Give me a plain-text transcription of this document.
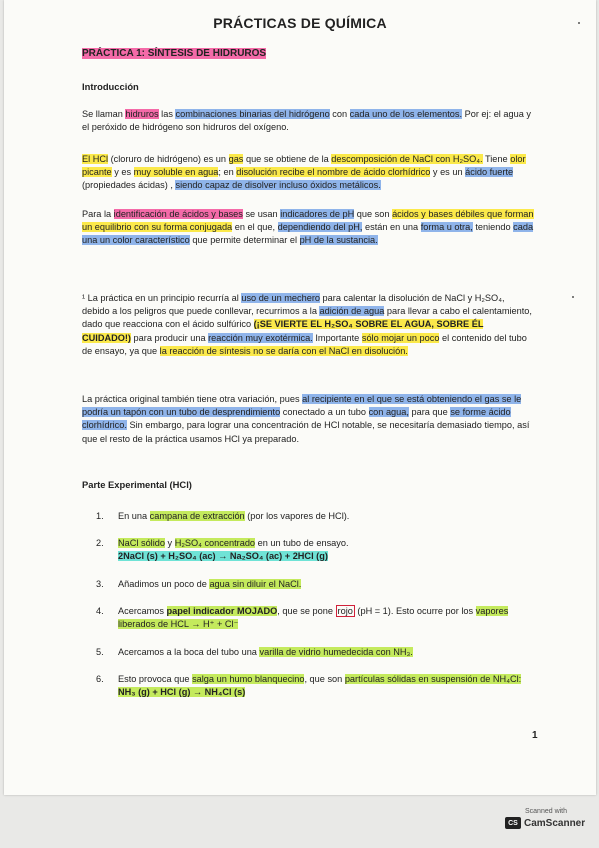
PRÁCTICAS DE QUÍMICA
PRÁCTICA 1: SÍNTESIS DE HIDRUROS
Introducción

Se llaman hidruros las combinaciones binarias del hidrógeno con cada uno de los elementos. Por ej: el agua y el peróxido de hidrógeno son hidruros del oxígeno.

El HCl (cloruro de hidrógeno) es un gas que se obtiene de la descomposición de NaCl con H₂SO₄. Tiene olor picante y es muy soluble en agua; en disolución recibe el nombre de ácido clorhídrico y es un ácido fuerte (propiedades ácidas) , siendo capaz de disolver incluso óxidos metálicos.

Para la identificación de ácidos y bases se usan indicadores de pH que son ácidos y bases débiles que forman un equilibrio con su forma conjugada en el que, dependiendo del pH, están en una forma u otra, teniendo cada una un color característico que permite determinar el pH de la sustancia.

¹ La práctica en un principio recurría al uso de un mechero para calentar la disolución de NaCl y H₂SO₄, debido a los peligros que puede conllevar, recurrimos a la adición de agua para llevar a cabo el calentamiento, dado que reacciona con el ácido sulfúrico (¡SE VIERTE EL H₂SO₄ SOBRE EL AGUA, SOBRE ÉL CUIDADO!) para producir una reacción muy exotérmica. Importante sólo mojar un poco el contenido del tubo de ensayo, ya que la reacción de síntesis no se daría con el NaCl en disolución.

La práctica original también tiene otra variación, pues al recipiente en el que se está obteniendo el gas se le podría un tapón con un tubo de desprendimiento conectado a un tubo con agua, para que se forme ácido clorhídrico. Sin embargo, para lograr una concentración de HCl notable, se necesitaría demasiado tiempo, así que el resto de la práctica usamos HCl ya preparado.

Parte Experimental (HCl)
1.	En una campana de extracción (por los vapores de HCl).
2.	NaCl sólido y H₂SO₄ concentrado en un tubo de ensayo.
2NaCl (s) + H₂SO₄ (ac) → Na₂SO₄ (ac) + 2HCl (g)
3.	Añadimos un poco de agua sin diluir el NaCl.
4.	Acercamos papel indicador MOJADO, que se pone rojo (pH = 1). Esto ocurre por los vapores liberados de HCL → H⁺ + Cl⁻
5.	Acercamos a la boca del tubo una varilla de vidrio humedecida con NH₃.
6.	Esto provoca que salga un humo blanquecino, que son partículas sólidas en suspensión de NH₄Cl:
NH₃ (g) + HCl (g) → NH₄Cl (s)
1
Scanned with
CS CamScanner
